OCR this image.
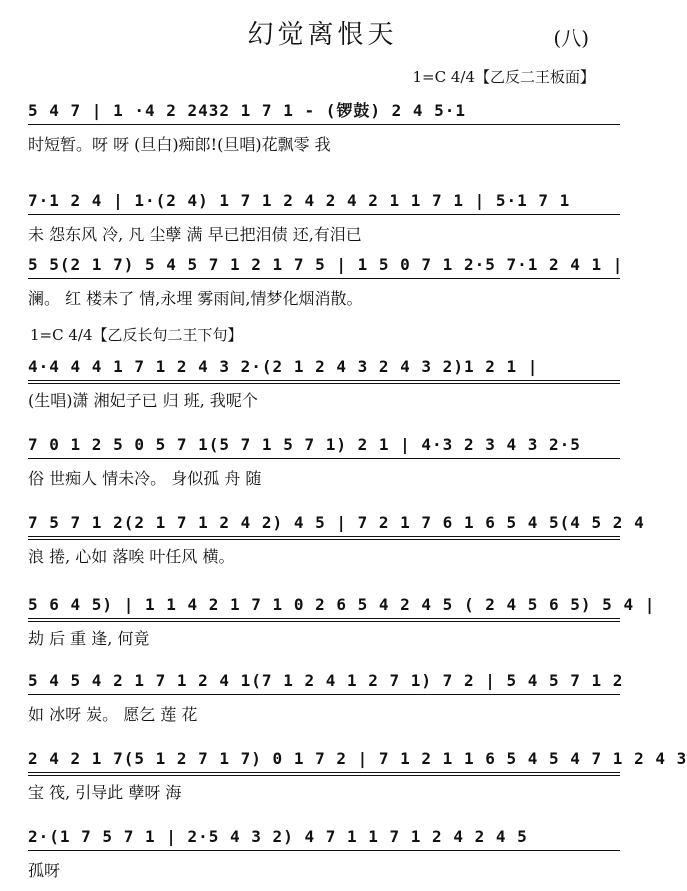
幻觉离恨天	(八)
1=C 4/4【乙反二王板面】
5 4 7 | 1 ·4 2 2432 1 7 1 - (锣鼓) 2 4 5·1
时短暂。呀 呀 (旦白)痴郎!(旦唱)花飘零 我
7·1 2 4 | 1·(2 4) 1 7 1 2 4 2 4 2 1 1 7 1 | 5·1 7 1
未 怨东风 冷, 凡 尘孽 满 早已把泪债 还,有泪已
5 5(2 1 7) 5 4 5 7 1 2 1 7 5 | 1 5 0 7 1 2·5 7·1 2 4 1 |
澜。 红 楼未了 情,永埋 雾雨间,情梦化烟消散。
1=C 4/4【乙反长句二王下句】
4·4 4 4 1 7 1 2 4 3 2·(2 1 2 4 3 2 4 3 2)1 2 1 |
(生唱)潇 湘妃子已 归 班, 我呢个
7 0 1 2 5 0 5 7 1(5 7 1 5 7 1) 2 1 | 4·3 2 3 4 3 2·5
俗 世痴人 情未冷。 身似孤 舟 随
7 5 7 1 2(2 1 7 1 2 4 2) 4 5 | 7 2 1 7 6 1 6 5 4 5(4 5 2 4
浪 捲, 心如 落唉 叶任风 横。
5 6 4 5) | 1 1 4 2 1 7 1 0 2 6 5 4 2 4 5 ( 2 4 5 6 5) 5 4 |
劫 后 重 逢, 何竟
5 4 5 4 2 1 7 1 2 4 1(7 1 2 4 1 2 7 1) 7 2 | 5 4 5 7 1 2
如 冰呀 炭。 愿乞 莲 花
2 4 2 1 7(5 1 2 7 1 7) 0 1 7 2 | 7 1 2 1 1 6 5 4 5 4 7 1 2 4 3
宝 筏, 引导此 孽呀 海
2·(1 7 5 7 1 | 2·5 4 3 2) 4 7 1 1 7 1 2 4 2 4 5
孤呀
